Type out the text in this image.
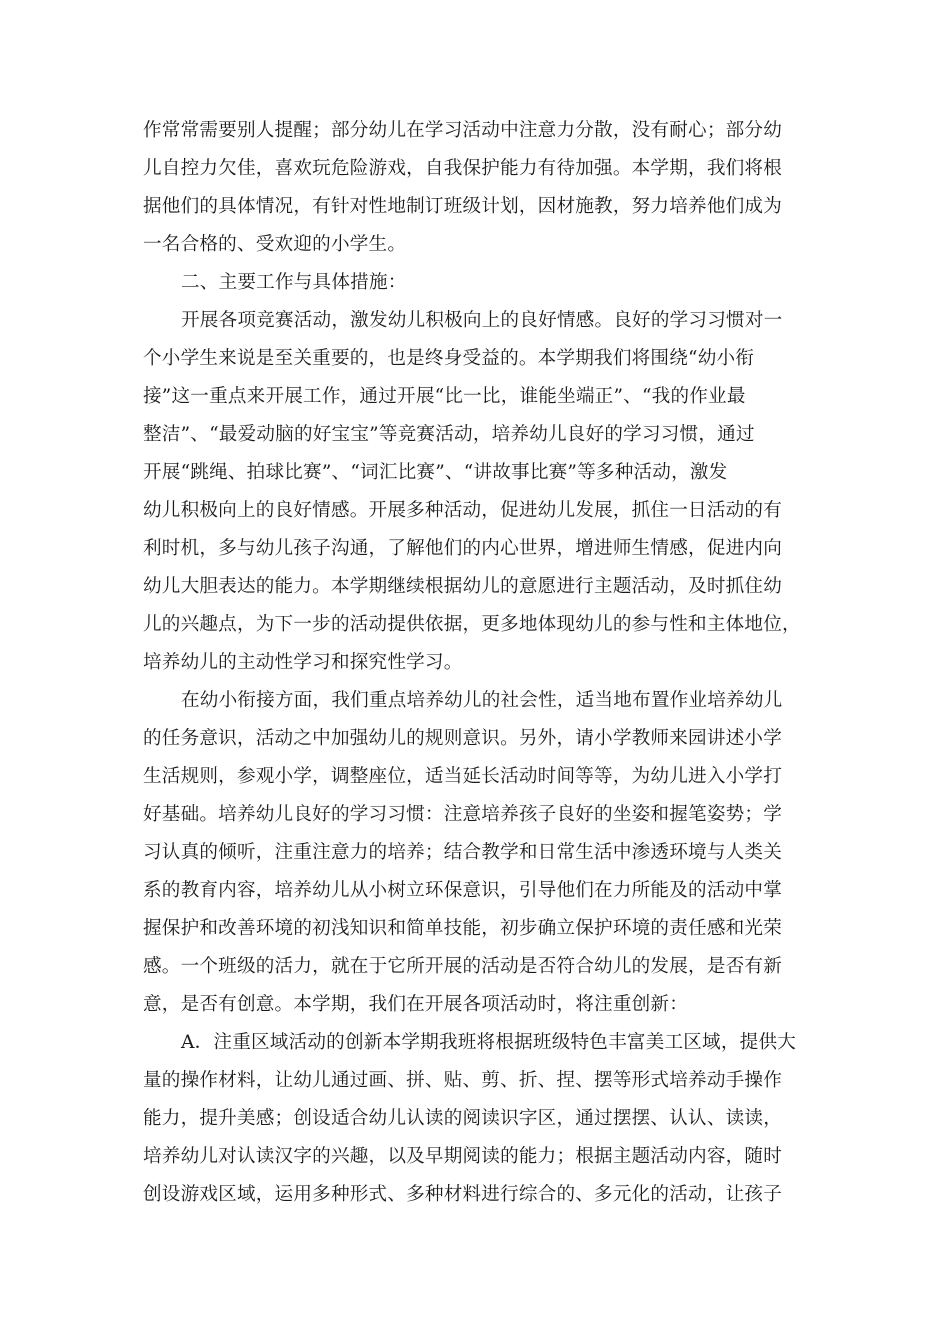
作常常需要别人提醒；部分幼儿在学习活动中注意力分散，没有耐心；部分幼
儿自控力欠佳，喜欢玩危险游戏，自我保护能力有待加强。本学期，我们将根
据他们的具体情况，有针对性地制订班级计划，因材施教，努力培养他们成为
一名合格的、受欢迎的小学生。
二、主要工作与具体措施：
开展各项竞赛活动，激发幼儿积极向上的良好情感。良好的学习习惯对一
个小学生来说是至关重要的，也是终身受益的。本学期我们将围绕“幼小衔
接”这一重点来开展工作，通过开展“比一比，谁能坐端正”、“我的作业最
整洁”、“最爱动脑的好宝宝”等竞赛活动，培养幼儿良好的学习习惯，通过
开展“跳绳、拍球比赛”、“词汇比赛”、“讲故事比赛”等多种活动，激发
幼儿积极向上的良好情感。开展多种活动，促进幼儿发展，抓住一日活动的有
利时机，多与幼儿孩子沟通，了解他们的内心世界，增进师生情感，促进内向
幼儿大胆表达的能力。本学期继续根据幼儿的意愿进行主题活动，及时抓住幼
儿的兴趣点，为下一步的活动提供依据，更多地体现幼儿的参与性和主体地位，
培养幼儿的主动性学习和探究性学习。
在幼小衔接方面，我们重点培养幼儿的社会性，适当地布置作业培养幼儿
的任务意识，活动之中加强幼儿的规则意识。另外，请小学教师来园讲述小学
生活规则，参观小学，调整座位，适当延长活动时间等等，为幼儿进入小学打
好基础。培养幼儿良好的学习习惯：注意培养孩子良好的坐姿和握笔姿势；学
习认真的倾听，注重注意力的培养；结合教学和日常生活中渗透环境与人类关
系的教育内容，培养幼儿从小树立环保意识，引导他们在力所能及的活动中掌
握保护和改善环境的初浅知识和简单技能，初步确立保护环境的责任感和光荣
感。一个班级的活力，就在于它所开展的活动是否符合幼儿的发展，是否有新
意，是否有创意。本学期，我们在开展各项活动时，将注重创新：
A．注重区域活动的创新本学期我班将根据班级特色丰富美工区域，提供大
量的操作材料，让幼儿通过画、拼、贴、剪、折、捏、摆等形式培养动手操作
能力，提升美感；创设适合幼儿认读的阅读识字区，通过摆摆、认认、读读，
培养幼儿对认读汉字的兴趣，以及早期阅读的能力；根据主题活动内容，随时
创设游戏区域，运用多种形式、多种材料进行综合的、多元化的活动，让孩子
